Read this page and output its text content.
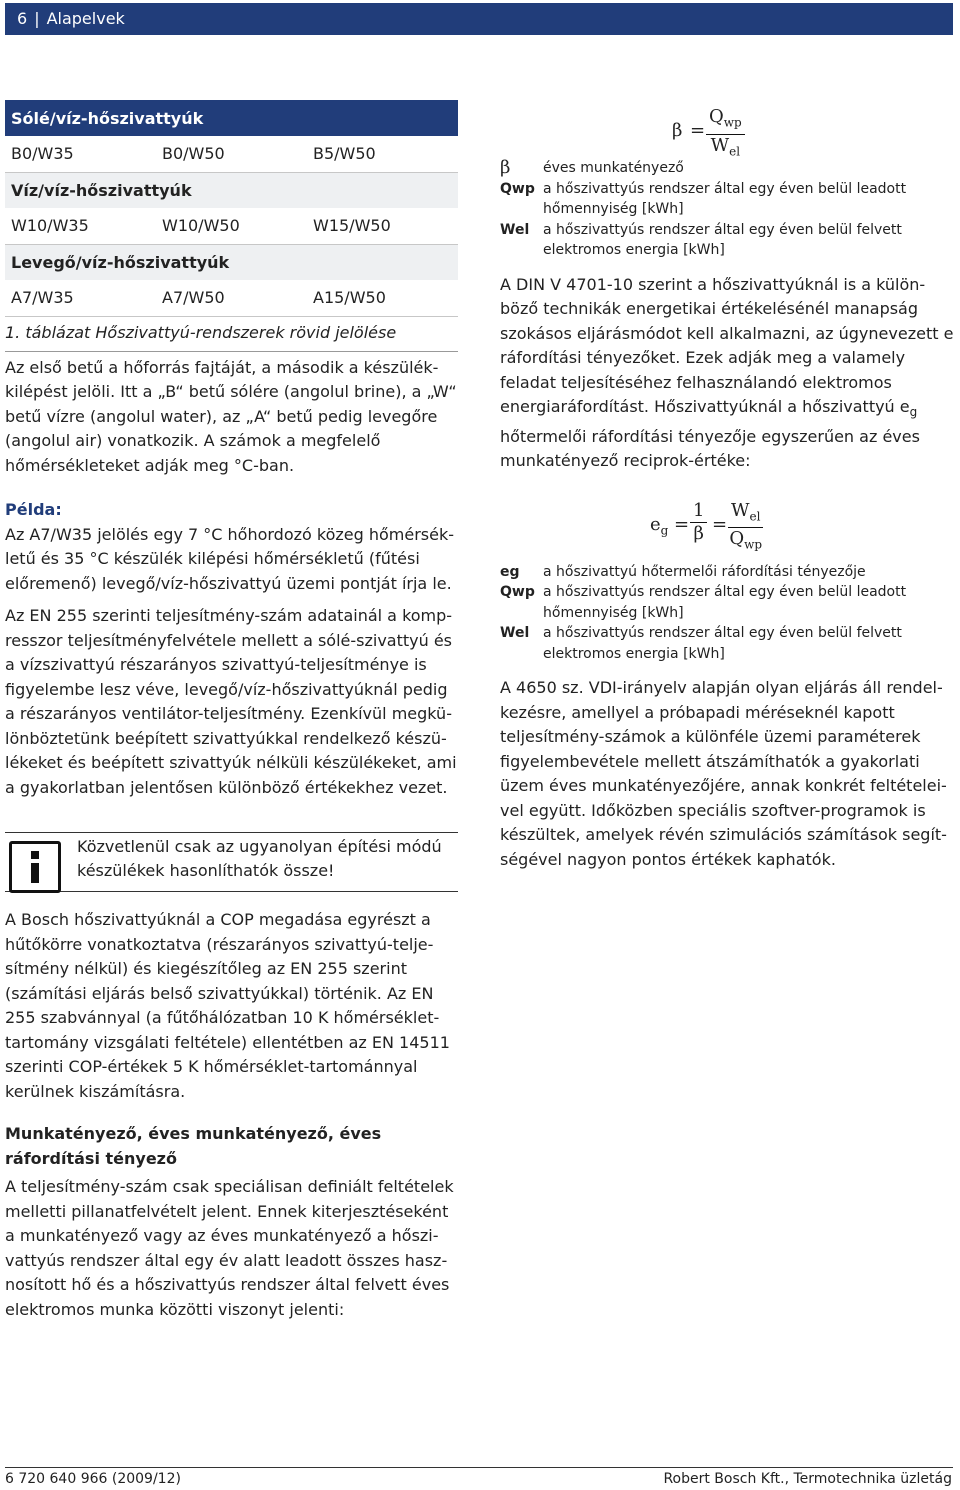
6 | Alapelvek
Sólé/víz-hőszivattyúk		
B0/W35	B0/W50	B5/W50
Víz/víz-hőszivattyúk		
W10/W35	W10/W50	W15/W50
Levegő/víz-hőszivattyúk		
A7/W35	A7/W50	A15/W50
1. táblázat Hőszivattyú-rendszerek rövid jelölése

Az első betű a hőforrás fajtáját, a második a készülék-kilépést jelöli. Itt a „B“ betű sólére (angolul brine), a „W“ betű vízre (angolul water), az „A“ betű pedig levegőre (angolul air) vonatkozik. A számok a megfelelő hőmérsékleteket adják meg °C-ban.

Példa:

Az A7/W35 jelölés egy 7 °C hőhordozó közeg hőmérsék-letű és 35 °C készülék kilépési hőmérsékletű (fűtési előremenő) levegő/víz-hőszivattyú üzemi pontját írja le.

Az EN 255 szerinti teljesítmény-szám adatainál a komp-resszor teljesítményfelvétele mellett a sólé-szivattyú és a vízszivattyú részarányos szivattyú-teljesítménye is figyelembe lesz véve, levegő/víz-hőszivattyúknál pedig a részarányos ventilátor-teljesítmény. Ezenkívül megkü-lönböztetünk beépített szivattyúkkal rendelkező készü-lékeket és beépített szivattyúk nélküli készülékeket, ami a gyakorlatban jelentősen különböző értékekhez vezet.

Közvetlenül csak az ugyanolyan építési módú készülékek hasonlíthatók össze!

A Bosch hőszivattyúknál a COP megadása egyrészt a hűtőkörre vonatkoztatva (részarányos szivattyú-telje-sítmény nélkül) és kiegészítőleg az EN 255 szerint (számítási eljárás belső szivattyúkkal) történik. Az EN 255 szabvánnyal (a fűtőhálózatban 10 K hőmérséklet-tartomány vizsgálati feltétele) ellentétben az EN 14511 szerinti COP-értékek 5 K hőmérséklet-tartománnyal kerülnek kiszámításra.

Munkatényező, éves munkatényező, éves ráfordítási tényező

A teljesítmény-szám csak speciálisan definiált feltételek melletti pillanatfelvételt jelent. Ennek kiterjesztéseként a munkatényező vagy az éves munkatényező a hőszi-vattyús rendszer által egy év alatt leadott összes hasz-nosított hő és a hőszivattyús rendszer által felvett éves elektromos munka közötti viszonyt jelenti:

β =
$Q_{wp}$
$W_{el}$
β	éves munkatényező
Qwp a hőszivattyús rendszer által egy éven belül leadott hőmennyiség [kWh]
Wel a hőszivattyús rendszer által egy éven belül felvett elektromos energia [kWh]

A DIN V 4701-10 szerint a hőszivattyúknál is a külön-böző technikák energetikai értékelésénél manapság szokásos eljárásmódot kell alkalmazni, az úgynevezett e ráfordítási tényezőket. Ezek adják meg a valamely feladat teljesítéséhez felhasználandó elektromos energiaráfordítást. Hőszivattyúknál a hőszivattyú $e_g$ hőtermelői ráfordítási tényezője egyszerűen az éves munkatényező reciprok-értéke:

$e_g = \frac{1}{\beta}$ =
$W_{el}$
$Q_{wp}$
eg	a hőszivattyú hőtermelői ráfordítási tényezője
Qwp a hőszivattyús rendszer által egy éven belül leadott hőmennyiség [kWh]
Wel a hőszivattyús rendszer által egy éven belül felvett elektromos energia [kWh]

A 4650 sz. VDI-irányelv alapján olyan eljárás áll rendel-kezésre, amellyel a próbapadi méréseknél kapott teljesítmény-számok a különféle üzemi paraméterek figyelembevétele mellett átszámíthatók a gyakorlati üzem éves munkatényezőjére, annak konkrét feltételei-vel együtt. Időközben speciális szoftver-programok is készültek, amelyek révén szimulációs számítások segít-ségével nagyon pontos értékek kaphatók.

6 720 640 966 (2009/12)	Robert Bosch Kft., Termotechnika üzletág
